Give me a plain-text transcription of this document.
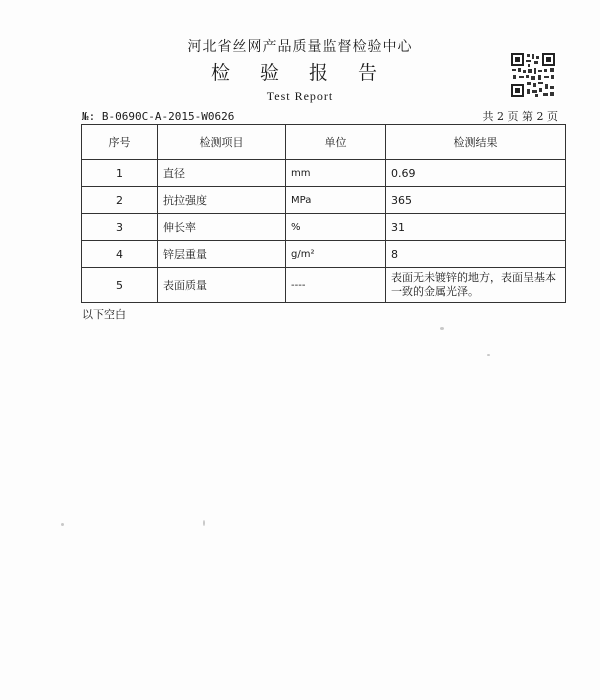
河北省丝网产品质量监督检验中心
检 验 报 告
Test Report
№: B-0690C-A-2015-W0626	共 2 页 第 2 页
序号	检测项目	单位	检测结果
1	直径	mm	0.69
2	抗拉强度	MPa	365
3	伸长率	%	31
4	锌层重量	g/m²	8
5	表面质量	----	表面无未镀锌的地方，表面呈基本一致的金属光泽。
以下空白
